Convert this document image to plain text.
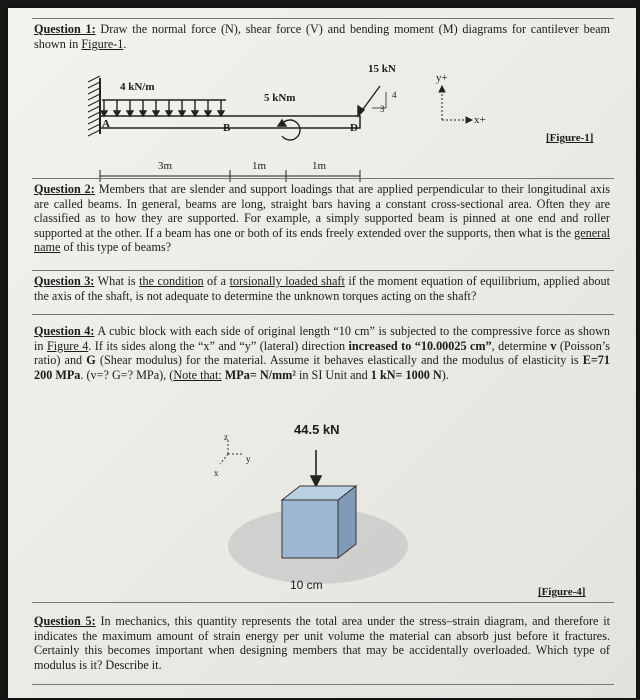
Question 1: Draw the normal force (N), shear force (V) and bending moment (M) diagrams for cantilever beam shown in Figure-1.
4 kN/m
5 kNm
15 kN
4
3
A	B	D
3m	1m	1m
y+
x+
[Figure-1]
Question 2: Members that are slender and support loadings that are applied perpendicular to their longitudinal axis are called beams. In general, beams are long, straight bars having a constant cross-sectional area. Often they are classified as to how they are supported. For example, a simply supported beam is pinned at one end and roller supported at the other. If a beam has one or both of its ends freely extended over the supports, then what is the general name of this type of beams?
Question 3: What is the condition of a torsionally loaded shaft if the moment equation of equilibrium, applied about the axis of the shaft, is not adequate to determine the unknown torques acting on the shaft?
Question 4: A cubic block with each side of original length “10 cm” is subjected to the compressive force as shown in Figure 4. If its sides along the “x” and “y” (lateral) direction increased to “10.00025 cm”, determine v (Poisson’s ratio) and G (Shear modulus) for the material. Assume it behaves elastically and the modulus of elasticity is E=71 200 MPa. (v=? G=? MPa), (Note that: MPa= N/mm² in SI Unit and 1 kN= 1000 N).
44.5 kN
z
y
x
10 cm	[Figure-4]
Question 5: In mechanics, this quantity represents the total area under the stress–strain diagram, and therefore it indicates the maximum amount of strain energy per unit volume the material can absorb just before it fractures. Certainly this becomes important when designing members that may be accidentally overloaded. Which type of modulus is it? Describe it.
